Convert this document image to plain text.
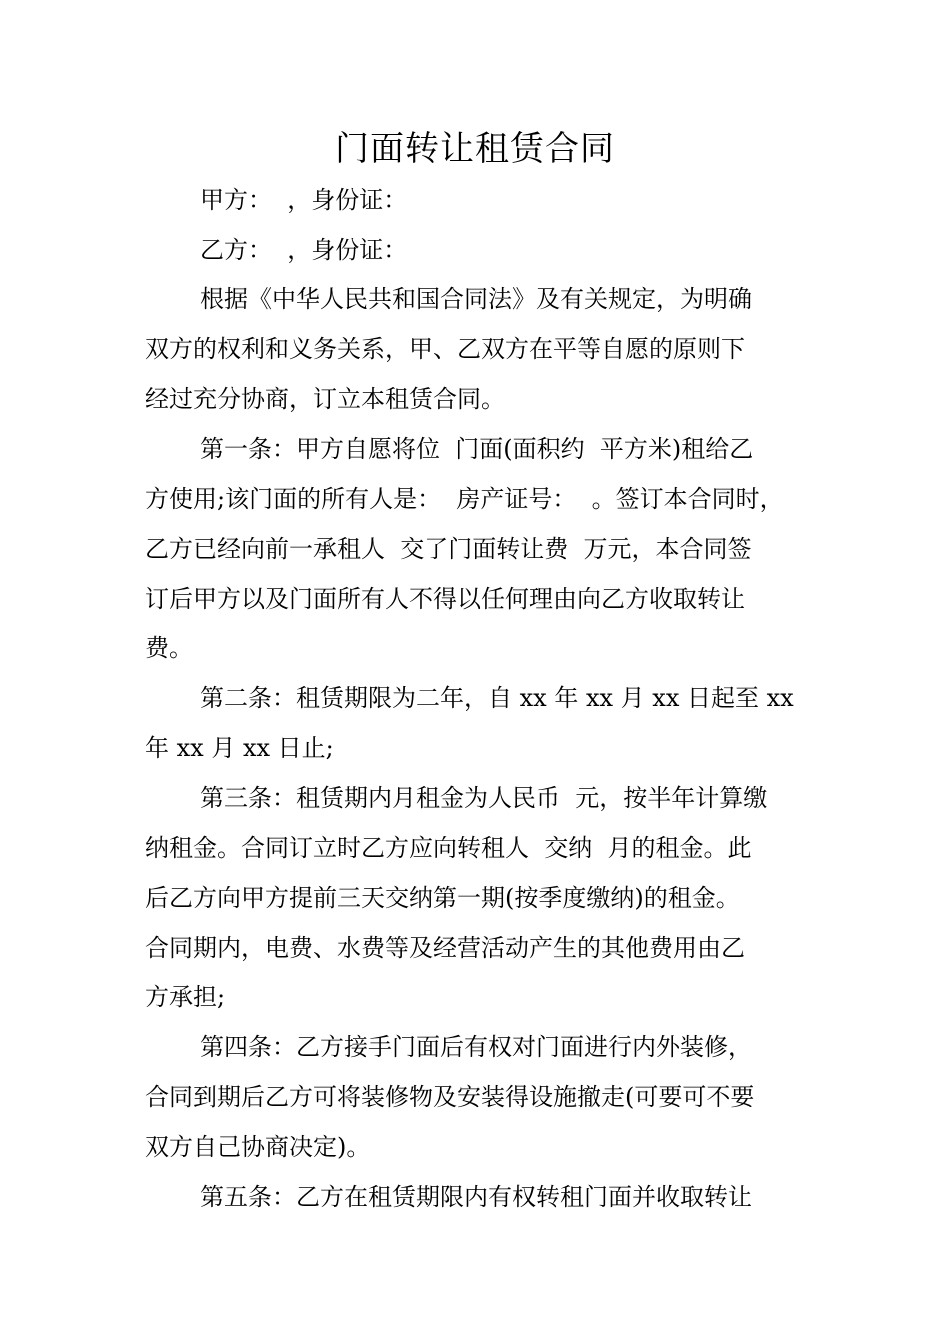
门面转让租赁合同
甲方：  ，身份证：
乙方：  ，身份证：
根据《中华人民共和国合同法》及有关规定，为明确
双方的权利和义务关系，甲、乙双方在平等自愿的原则下
经过充分协商，订立本租赁合同。
第一条：甲方自愿将位  门面(面积约  平方米)租给乙
方使用;该门面的所有人是：  房产证号：  。签订本合同时，
乙方已经向前一承租人  交了门面转让费  万元，本合同签
订后甲方以及门面所有人不得以任何理由向乙方收取转让
费。
第二条：租赁期限为二年，自 xx 年 xx 月 xx 日起至 xx
年 xx 月 xx 日止;
第三条：租赁期内月租金为人民币  元，按半年计算缴
纳租金。合同订立时乙方应向转租人  交纳  月的租金。此
后乙方向甲方提前三天交纳第一期(按季度缴纳)的租金。
合同期内，电费、水费等及经营活动产生的其他费用由乙
方承担;
第四条：乙方接手门面后有权对门面进行内外装修，
合同到期后乙方可将装修物及安装得设施撤走(可要可不要
双方自己协商决定)。
第五条：乙方在租赁期限内有权转租门面并收取转让
